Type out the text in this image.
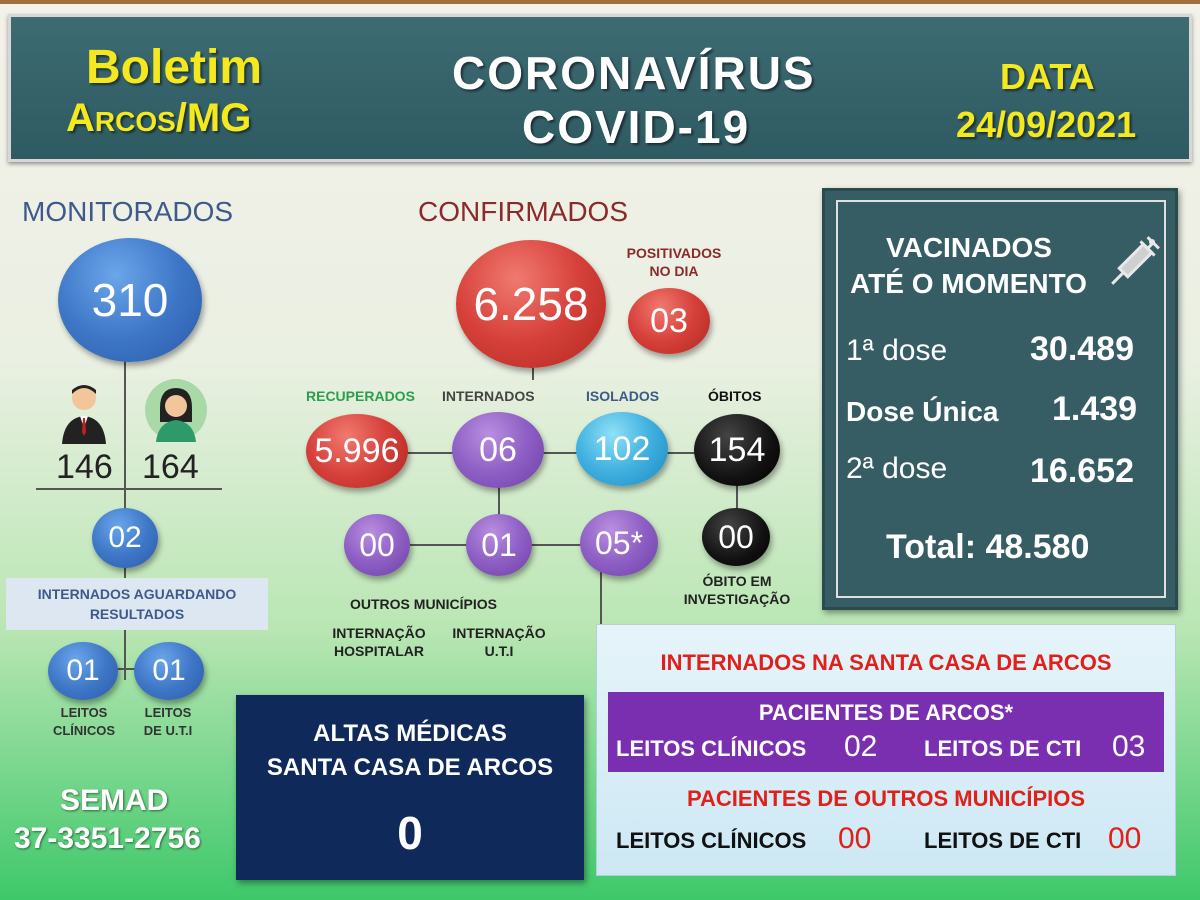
Boletim
Arcos/MG
CORONAVÍRUS
COVID-19
DATA
24/09/2021
MONITORADOS
310
146 164
02
INTERNADOS AGUARDANDO RESULTADOS
01 01
LEITOS
CLÍNICOS
LEITOS
DE U.T.I
SEMAD
37-3351-2756
CONFIRMADOS
6.258
POSITIVADOS
NO DIA
03
RECUPERADOS INTERNADOS	ISOLADOS	ÓBITOS
5.996 06 102 154
00	01 05* 00
ÓBITO EM
INVESTIGAÇÃO
OUTROS MUNICÍPIOS
INTERNAÇÃO
HOSPITALAR
INTERNAÇÃO
U.T.I
VACINADOS
ATÉ O MOMENTO
1ª dose 30.489
Dose Única 1.439
2ª dose 16.652
Total: 48.580
ALTAS MÉDICAS
SANTA CASA DE ARCOS
0
INTERNADOS NA SANTA CASA DE ARCOS
PACIENTES DE ARCOS*
LEITOS CLÍNICOS 02 LEITOS DE CTI 03
PACIENTES DE OUTROS MUNICÍPIOS
LEITOS CLÍNICOS 00 LEITOS DE CTI 00
